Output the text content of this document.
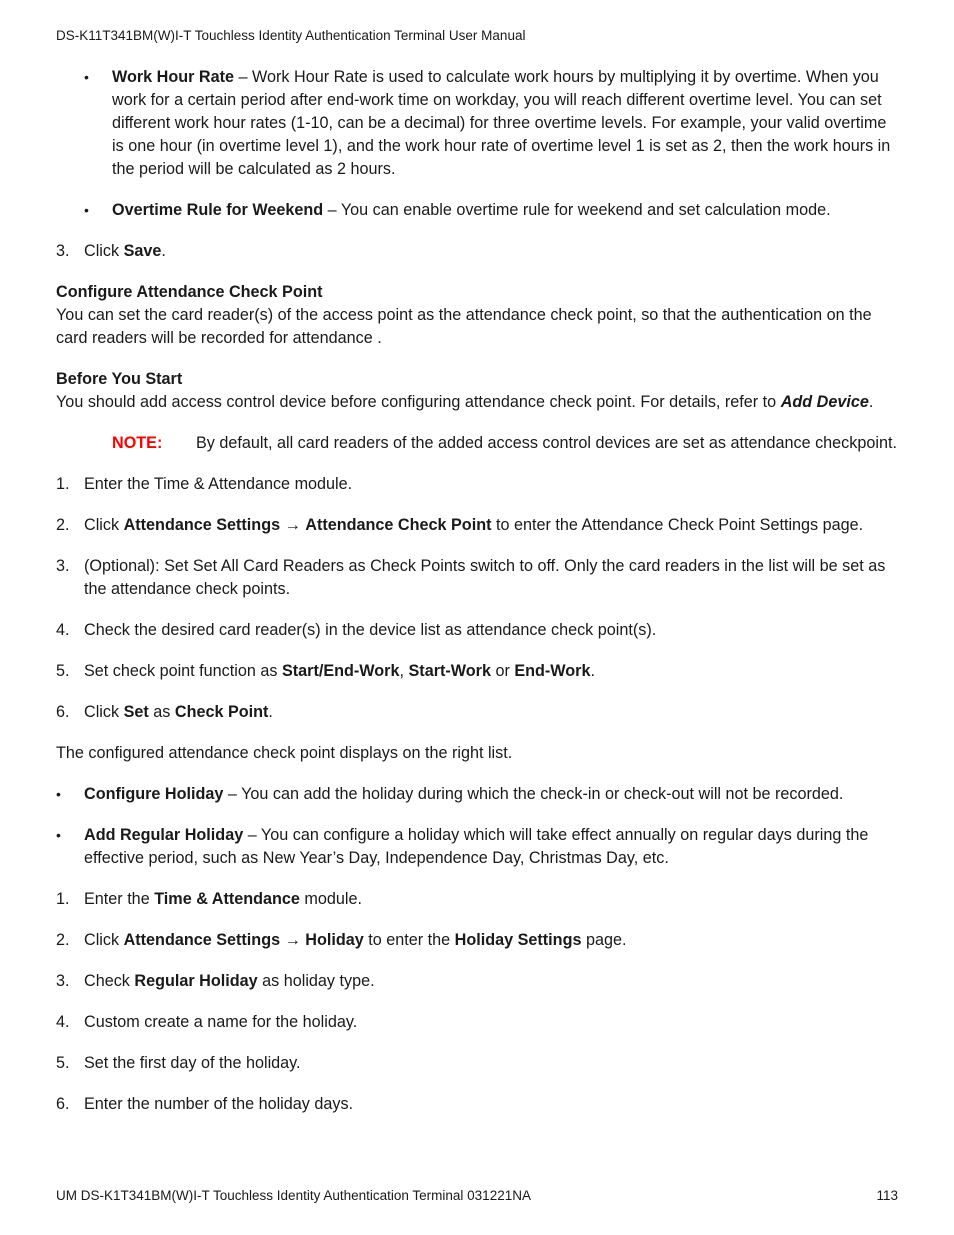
DS-K11T341BM(W)I-T Touchless Identity Authentication Terminal User Manual

• Work Hour Rate – Work Hour Rate is used to calculate work hours by multiplying it by overtime. When you work for a certain period after end-work time on workday, you will reach different overtime level. You can set different work hour rates (1-10, can be a decimal) for three overtime levels. For example, your valid overtime is one hour (in overtime level 1), and the work hour rate of overtime level 1 is set as 2, then the work hours in the period will be calculated as 2 hours.

• Overtime Rule for Weekend – You can enable overtime rule for weekend and set calculation mode.

3. Click Save.

Configure Attendance Check Point

You can set the card reader(s) of the access point as the attendance check point, so that the authentication on the card readers will be recorded for attendance .

Before You Start

You should add access control device before configuring attendance check point. For details, refer to Add Device.

NOTE: By default, all card readers of the added access control devices are set as attendance checkpoint.

1. Enter the Time & Attendance module.

2. Click Attendance Settings → Attendance Check Point to enter the Attendance Check Point Settings page.

3. (Optional): Set Set All Card Readers as Check Points switch to off. Only the card readers in the list will be set as the attendance check points.

4. Check the desired card reader(s) in the device list as attendance check point(s).

5. Set check point function as Start/End-Work, Start-Work or End-Work.

6. Click Set as Check Point.

The configured attendance check point displays on the right list.

• Configure Holiday – You can add the holiday during which the check-in or check-out will not be recorded.

• Add Regular Holiday – You can configure a holiday which will take effect annually on regular days during the effective period, such as New Year’s Day, Independence Day, Christmas Day, etc.

1. Enter the Time & Attendance module.

2. Click Attendance Settings → Holiday to enter the Holiday Settings page.

3. Check Regular Holiday as holiday type.

4. Custom create a name for the holiday.

5. Set the first day of the holiday.

6. Enter the number of the holiday days.

UM DS-K1T341BM(W)I-T Touchless Identity Authentication Terminal 031221NA	113
